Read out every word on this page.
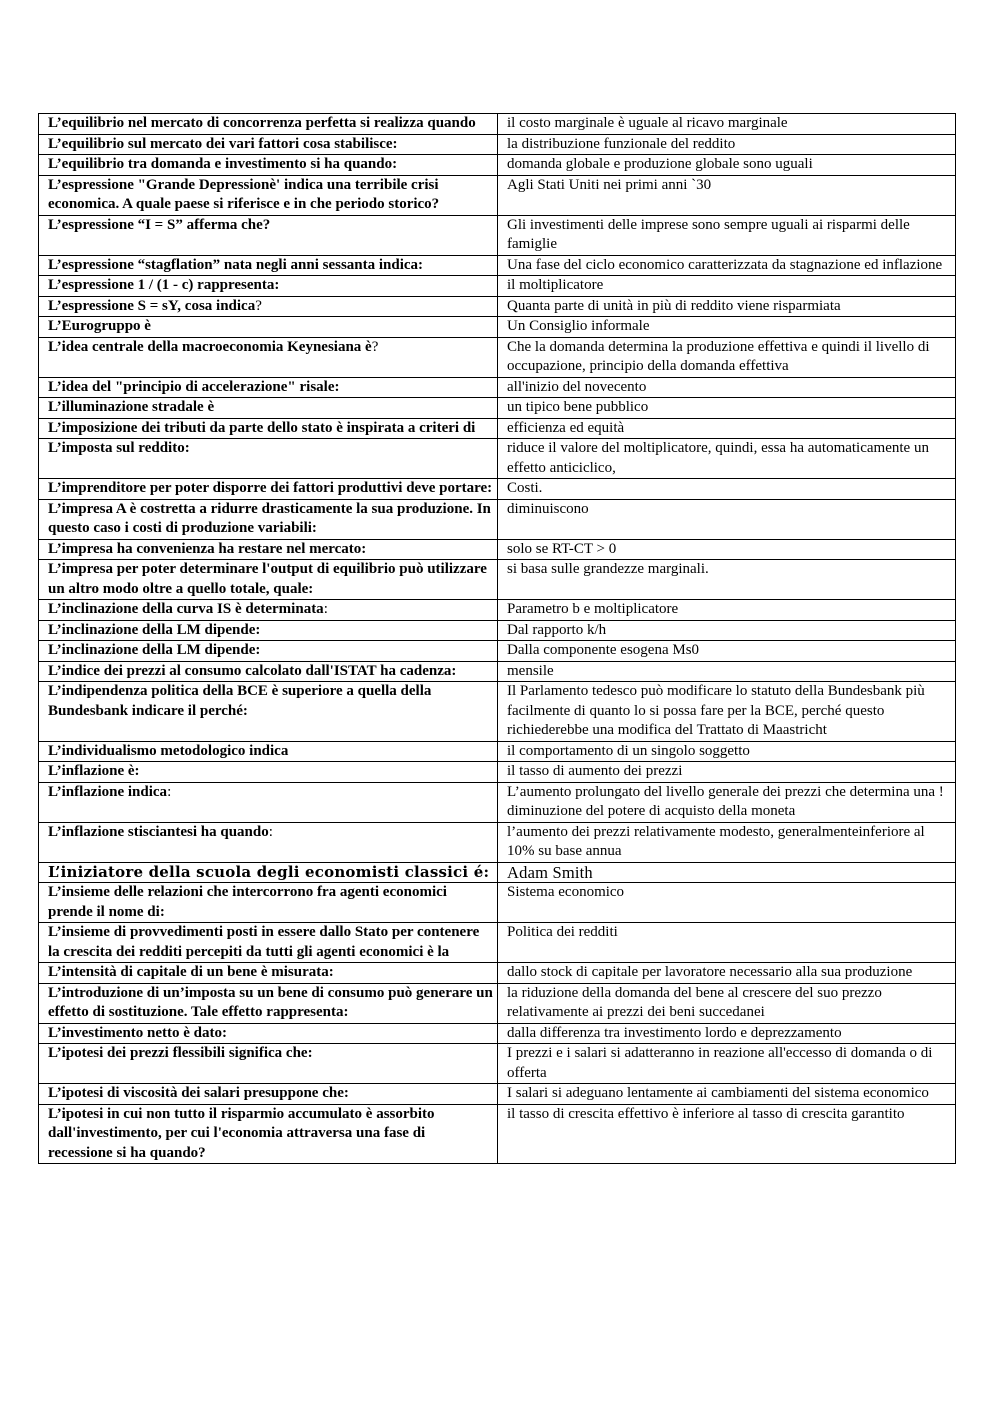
L’equilibrio nel mercato di concorrenza perfetta si realizza quando	il costo marginale è uguale al ricavo marginale
L’equilibrio sul mercato dei vari fattori cosa stabilisce:	la distribuzione funzionale del reddito
L’equilibrio tra domanda e investimento si ha quando:	domanda globale e produzione globale sono uguali
L’espressione "Grande Depressionè' indica una terribile crisi economica. A quale paese si riferisce e in che periodo storico?	Agli Stati Uniti nei primi anni `30
L’espressione “I = S” afferma che?	Gli investimenti delle imprese sono sempre uguali ai risparmi delle famiglie
L’espressione “stagflation” nata negli anni sessanta indica:	Una fase del ciclo economico caratterizzata da stagnazione ed inflazione
L’espressione 1 / (1 - c) rappresenta:	il moltiplicatore
L’espressione S = sY, cosa indica?	Quanta parte di unità in più di reddito viene risparmiata
L’Eurogruppo è	Un Consiglio informale
L’idea centrale della macroeconomia Keynesiana è?	Che la domanda determina la produzione effettiva e quindi il livello di occupazione, principio della domanda effettiva
L’idea del "principio di accelerazione" risale:	all'inizio del novecento
L’illuminazione stradale è	un tipico bene pubblico
L’imposizione dei tributi da parte dello stato è inspirata a criteri di	efficienza ed equità
L’imposta sul reddito:	riduce il valore del moltiplicatore, quindi, essa ha automaticamente un effetto anticiclico,
L’imprenditore per poter disporre dei fattori produttivi deve portare:	Costi.
L’impresa A è costretta a ridurre drasticamente la sua produzione. In questo caso i costi di produzione variabili:	diminuiscono
L’impresa ha convenienza ha restare nel mercato:	solo se RT-CT > 0
L’impresa per poter determinare l'output di equilibrio può utilizzare un altro modo oltre a quello totale, quale:	si basa sulle grandezze marginali.
L’inclinazione della curva IS è determinata:	Parametro b e moltiplicatore
L’inclinazione della LM dipende:	Dal rapporto k/h
L’inclinazione della LM dipende:	Dalla componente esogena Ms0
L’indice dei prezzi al consumo calcolato dall'ISTAT ha cadenza:	mensile
L’indipendenza politica della BCE è superiore a quella della Bundesbank indicare il perché:	Il Parlamento tedesco può modificare lo statuto della Bundesbank più facilmente di quanto lo si possa fare per la BCE, perché questo richiederebbe una modifica del Trattato di Maastricht
L’individualismo metodologico indica	il comportamento di un singolo soggetto
L’inflazione è:	il tasso di aumento dei prezzi
L’inflazione indica:	L’aumento prolungato del livello generale dei prezzi che determina una ! diminuzione del potere di acquisto della moneta
L’inflazione stisciantesi ha quando:	l’aumento dei prezzi relativamente modesto, generalmenteinferiore al 10% su base annua
L’iniziatore della scuola degli economisti classici é:	Adam Smith
L’insieme delle relazioni che intercorrono fra agenti economici prende il nome di:	Sistema economico
L’insieme di provvedimenti posti in essere dallo Stato per contenere la crescita dei redditi percepiti da tutti gli agenti economici è la	Politica dei redditi
L’intensità di capitale di un bene è misurata:	dallo stock di capitale per lavoratore necessario alla sua produzione
L’introduzione di un’imposta su un bene di consumo può generare un effetto di sostituzione. Tale effetto rappresenta:	la riduzione della domanda del bene al crescere del suo prezzo relativamente ai prezzi dei beni succedanei
L’investimento netto è dato:	dalla differenza tra investimento lordo e deprezzamento
L’ipotesi dei prezzi flessibili significa che:	I prezzi e i salari si adatteranno in reazione all'eccesso di domanda o di offerta
L’ipotesi di viscosità dei salari presuppone che:	I salari si adeguano lentamente ai cambiamenti del sistema economico
L’ipotesi in cui non tutto il risparmio accumulato è assorbito dall'investimento, per cui l'economia attraversa una fase di recessione si ha quando?	il tasso di crescita effettivo è inferiore al tasso di crescita garantito
